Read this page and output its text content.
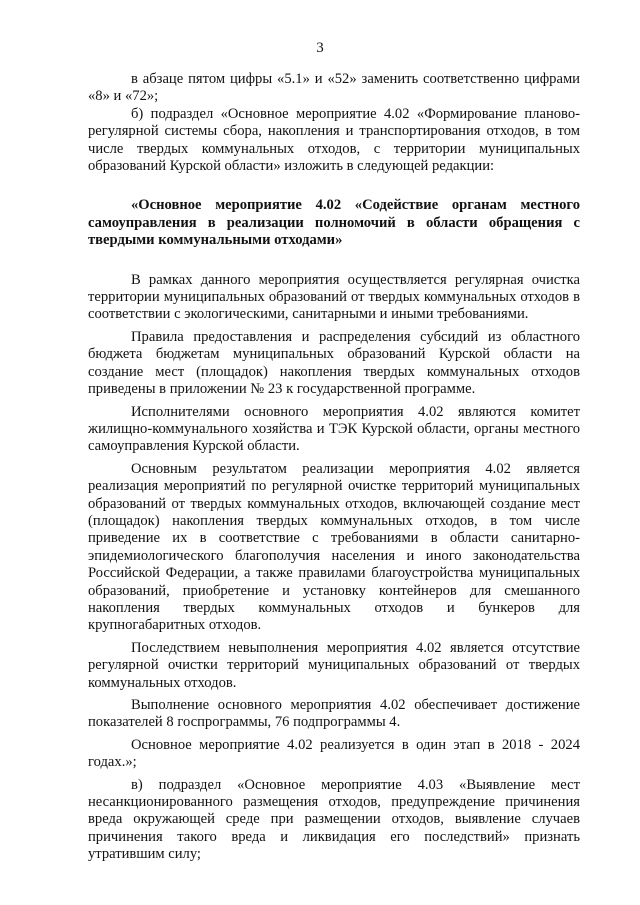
3

в абзаце пятом цифры «5.1» и «52» заменить соответственно цифрами «8» и «72»;

б) подраздел «Основное мероприятие 4.02 «Формирование планово-регулярной системы сбора, накопления и транспортирования отходов, в том числе твердых коммунальных отходов, с территории муниципальных образований Курской области» изложить в следующей редакции:

«Основное мероприятие 4.02 «Содействие органам местного самоуправления в реализации полномочий в области обращения с твердыми коммунальными отходами»

В рамках данного мероприятия осуществляется регулярная очистка территории муниципальных образований от твердых коммунальных отходов в соответствии с экологическими, санитарными и иными требованиями.

Правила предоставления и распределения субсидий из областного бюджета бюджетам муниципальных образований Курской области на создание мест (площадок) накопления твердых коммунальных отходов приведены в приложении № 23 к государственной программе.

Исполнителями основного мероприятия 4.02 являются комитет жилищно-коммунального хозяйства и ТЭК Курской области, органы местного самоуправления Курской области.

Основным результатом реализации мероприятия 4.02 является реализация мероприятий по регулярной очистке территорий муниципальных образований от твердых коммунальных отходов, включающей создание мест (площадок) накопления твердых коммунальных отходов, в том числе приведение их в соответствие с требованиями в области санитарно-эпидемиологического благополучия населения и иного законодательства Российской Федерации, а также правилами благоустройства муниципальных образований, приобретение и установку контейнеров для смешанного накопления твердых коммунальных отходов и бункеров для крупногабаритных отходов.

Последствием невыполнения мероприятия 4.02 является отсутствие регулярной очистки территорий муниципальных образований от твердых коммунальных отходов.

Выполнение основного мероприятия 4.02 обеспечивает достижение показателей 8 госпрограммы, 76 подпрограммы 4.

Основное мероприятие 4.02 реализуется в один этап в 2018 - 2024 годах.»;

в) подраздел «Основное мероприятие 4.03 «Выявление мест несанкционированного размещения отходов, предупреждение причинения вреда окружающей среде при размещении отходов, выявление случаев причинения такого вреда и ликвидация его последствий» признать утратившим силу;
